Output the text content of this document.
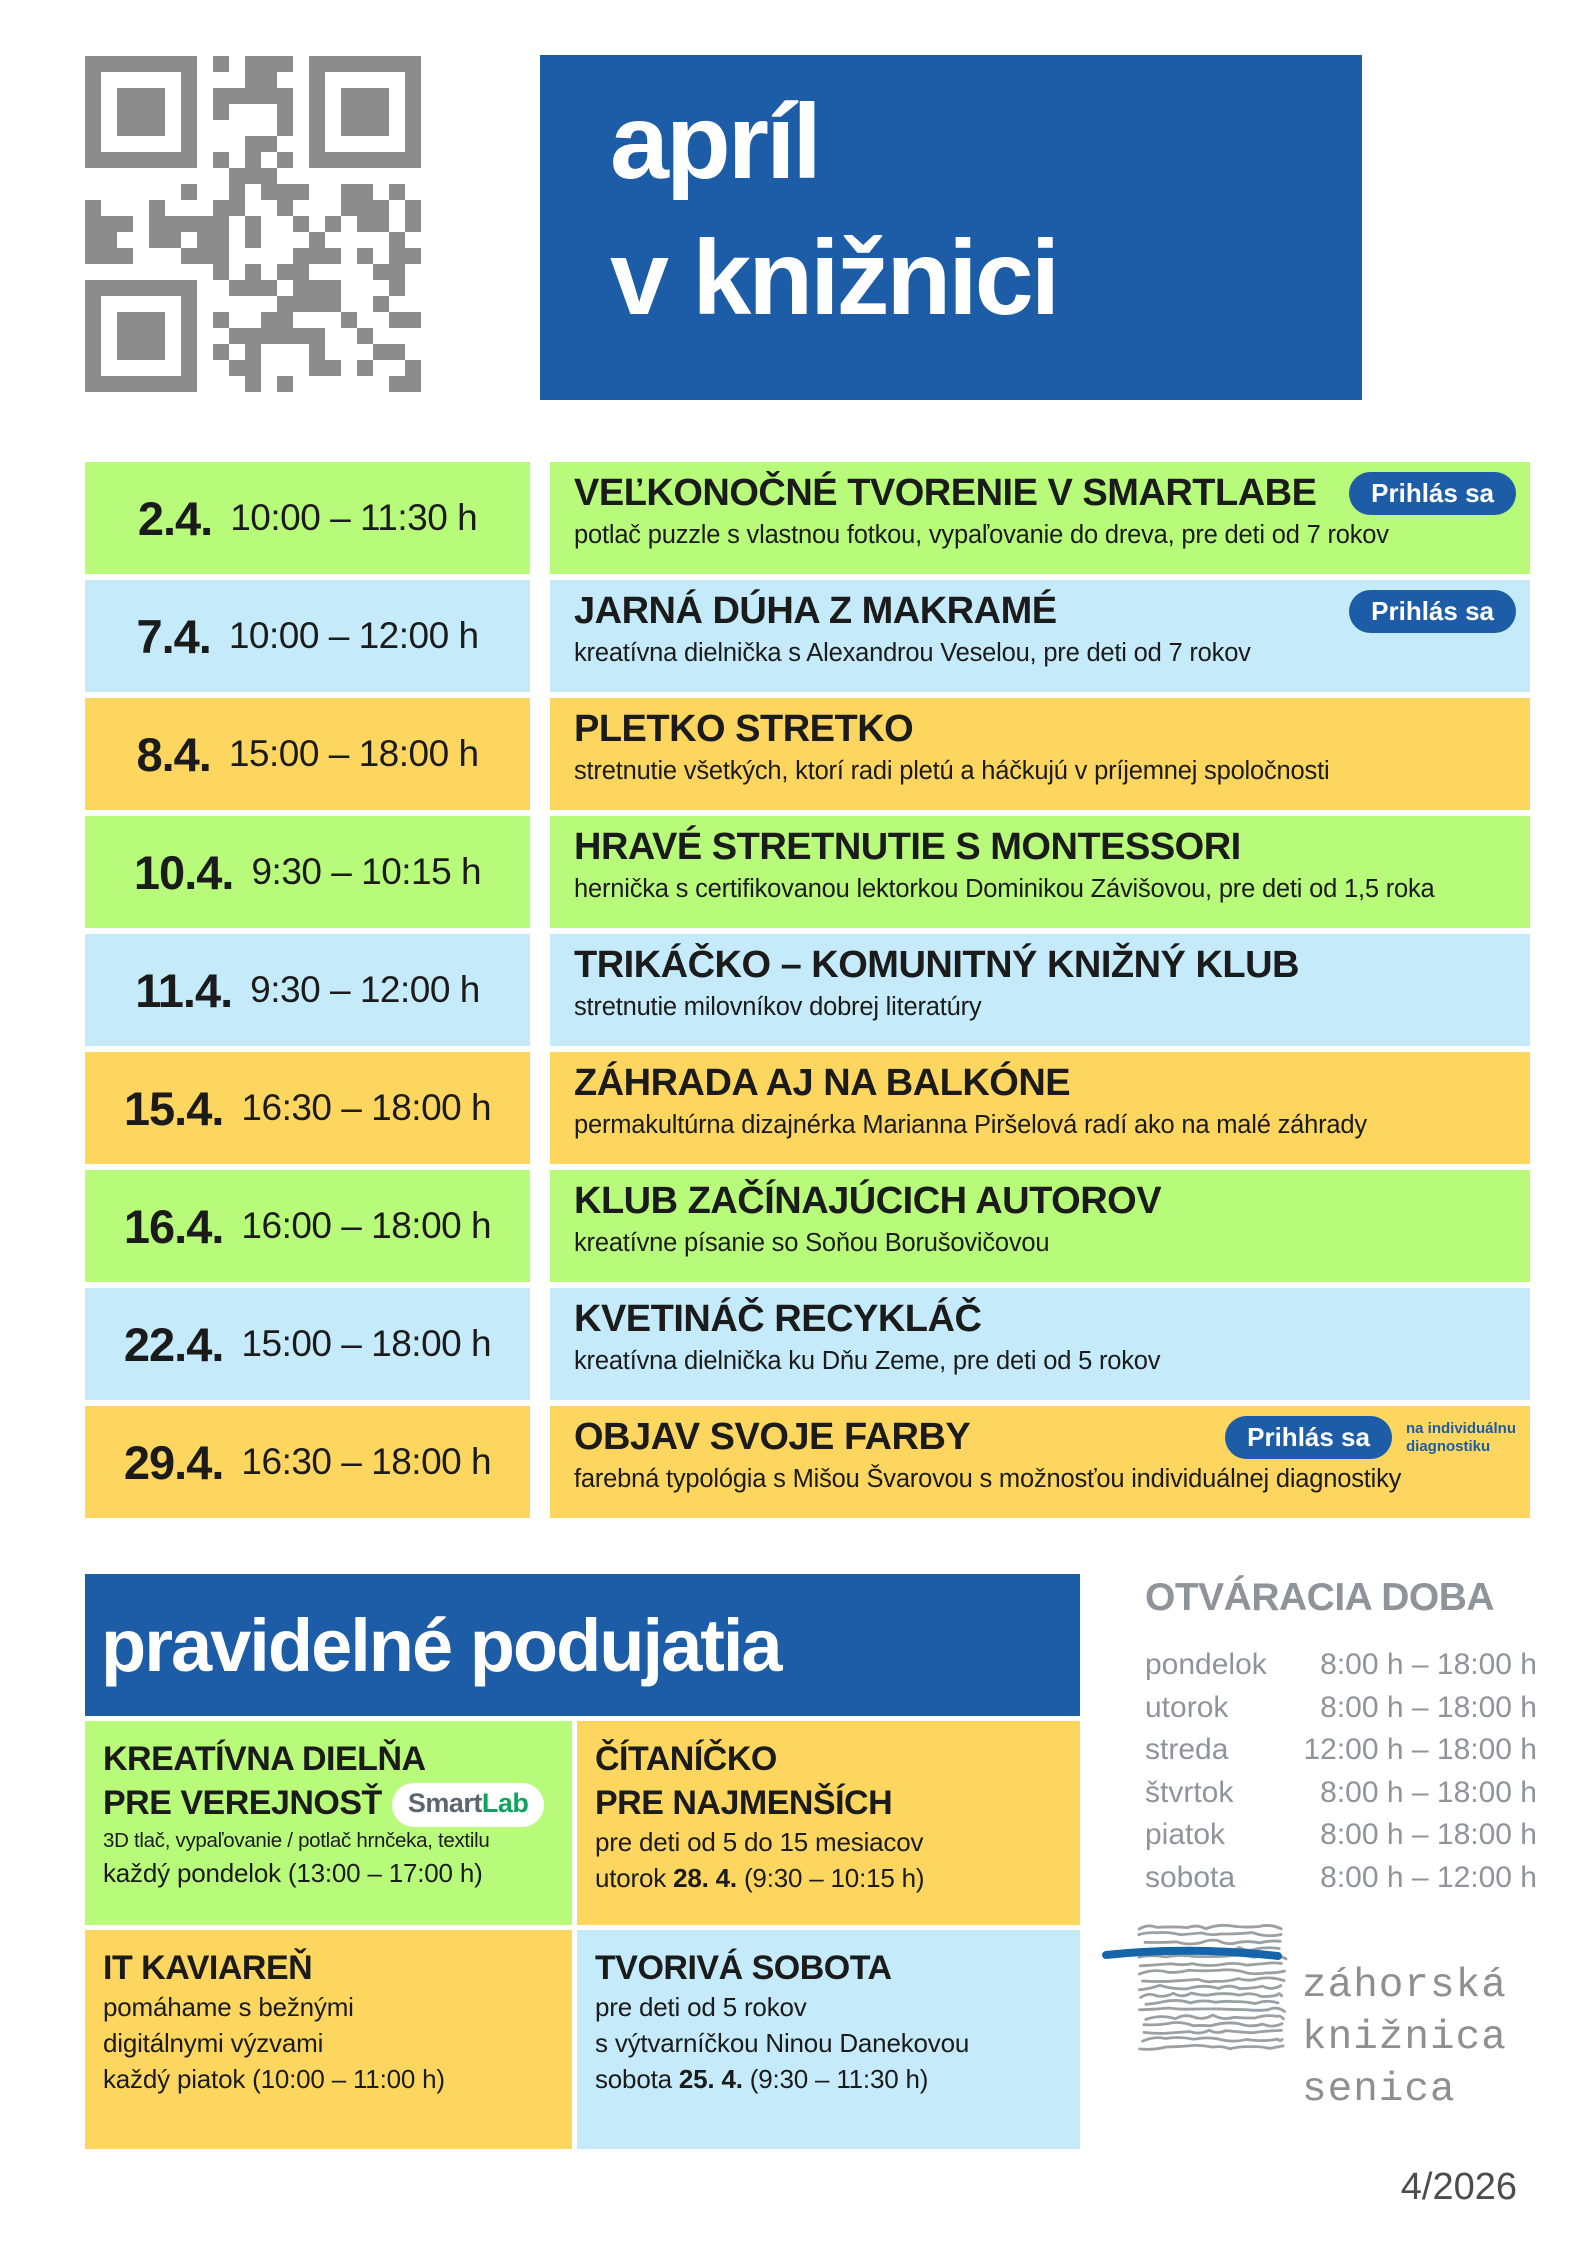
apríl
v knižnici
2.4. 10:00 – 11:30 h
VEĽKONOČNÉ TVORENIE V SMARTLABE	Prihlás sa
potlač puzzle s vlastnou fotkou, vypaľovanie do dreva, pre deti od 7 rokov
7.4. 10:00 – 12:00 h
JARNÁ DÚHA Z MAKRAMÉ	Prihlás sa
kreatívna dielnička s Alexandrou Veselou, pre deti od 7 rokov
8.4. 15:00 – 18:00 h
PLETKO STRETKO
stretnutie všetkých, ktorí radi pletú a háčkujú v príjemnej spoločnosti
10.4. 9:30 – 10:15 h
HRAVÉ STRETNUTIE S MONTESSORI
hernička s certifikovanou lektorkou Dominikou Závišovou, pre deti od 1,5 roka
11.4. 9:30 – 12:00 h
TRIKÁČKO – KOMUNITNÝ KNIŽNÝ KLUB
stretnutie milovníkov dobrej literatúry
15.4. 16:30 – 18:00 h
ZÁHRADA AJ NA BALKÓNE
permakultúrna dizajnérka Marianna Piršelová radí ako na malé záhrady
16.4. 16:00 – 18:00 h
KLUB ZAČÍNAJÚCICH AUTOROV
kreatívne písanie so Soňou Borušovičovou
22.4. 15:00 – 18:00 h
KVETINÁČ RECYKLÁČ
kreatívna dielnička ku Dňu Zeme, pre deti od 5 rokov
29.4. 16:30 – 18:00 h
OBJAV SVOJE FARBY	Prihlás sa	na individuálnu
diagnostiku
farebná typológia s Mišou Švarovou s možnosťou individuálnej diagnostiky
pravidelné podujatia
KREATÍVNA DIELŇA
PRE VEREJNOSŤ SmartLab
3D tlač, vypaľovanie / potlač hrnčeka, textilu
každý pondelok (13:00 – 17:00 h)
ČÍTANÍČKO
PRE NAJMENŠÍCH
pre deti od 5 do 15 mesiacov
utorok 28. 4. (9:30 – 10:15 h)
IT KAVIAREŇ
pomáhame s bežnými
digitálnymi výzvami
každý piatok (10:00 – 11:00 h)
TVORIVÁ SOBOTA
pre deti od 5 rokov
s výtvarníčkou Ninou Danekovou
sobota 25. 4. (9:30 – 11:30 h)
OTVÁRACIA DOBA
pondelok 8:00 h – 18:00 h
utorok	8:00 h – 18:00 h
streda	12:00 h – 18:00 h
štvrtok	8:00 h – 18:00 h
piatok	8:00 h – 18:00 h
sobota	8:00 h – 12:00 h
záhorská
knižnica
senica
4/2026
